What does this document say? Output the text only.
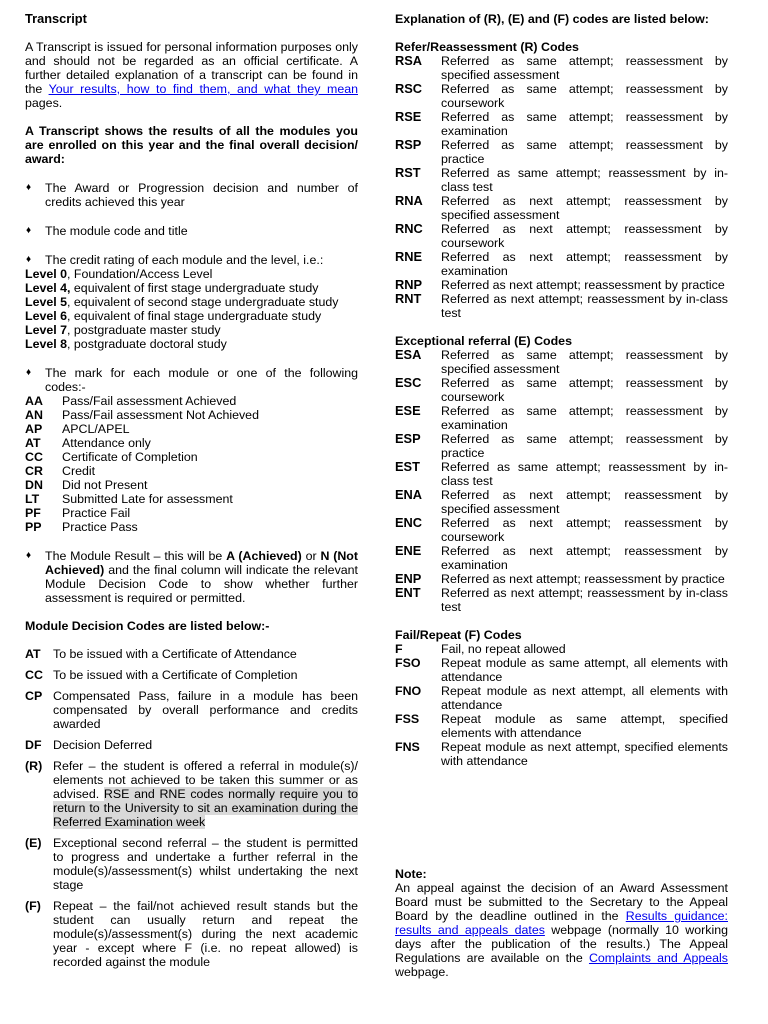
Transcript

A Transcript is issued for personal information purposes only and should not be regarded as an official certificate. A further detailed explanation of a transcript can be found in the Your results, how to find them, and what they mean pages.

A Transcript shows the results of all the modules you are enrolled on this year and the final overall decision/ award:

♦	The Award or Progression decision and number of credits achieved this year
♦	The module code and title
♦	The credit rating of each module and the level, i.e.:

Level 0, Foundation/Access Level

Level 4, equivalent of first stage undergraduate study

Level 5, equivalent of second stage undergraduate study

Level 6, equivalent of final stage undergraduate study

Level 7, postgraduate master study

Level 8, postgraduate doctoral study

♦	The mark for each module or one of the following codes:-
AA	Pass/Fail assessment Achieved
AN	Pass/Fail assessment Not Achieved
AP	APCL/APEL
AT	Attendance only
CC	Certificate of Completion
CR	Credit
DN	Did not Present
LT	Submitted Late for assessment
PF	Practice Fail
PP	Practice Pass
♦	The Module Result – this will be A (Achieved) or N (Not Achieved) and the final column will indicate the relevant Module Decision Code to show whether further assessment is required or permitted.

Module Decision Codes are listed below:-

AT To be issued with a Certificate of Attendance
CC To be issued with a Certificate of Completion
CP Compensated Pass, failure in a module has been compensated by overall performance and credits awarded
DF Decision Deferred
(R) Refer – the student is offered a referral in module(s)/ elements not achieved to be taken this summer or as advised. RSE and RNE codes normally require you to return to the University to sit an examination during the Referred Examination week
(E) Exceptional second referral – the student is permitted to progress and undertake a further referral in the module(s)/assessment(s) whilst undertaking the next stage
(F) Repeat – the fail/not achieved result stands but the student can usually return and repeat the module(s)/assessment(s) during the next academic year - except where F (i.e. no repeat allowed) is recorded against the module

Explanation of (R), (E) and (F) codes are listed below:

Refer/Reassessment (R) Codes

RSA	Referred as same attempt; reassessment by specified assessment
RSC	Referred as same attempt; reassessment by coursework
RSE	Referred as same attempt; reassessment by examination
RSP	Referred as same attempt; reassessment by practice
RST	Referred as same attempt; reassessment by in-class test
RNA	Referred as next attempt; reassessment by specified assessment
RNC	Referred as next attempt; reassessment by coursework
RNE	Referred as next attempt; reassessment by examination
RNP	Referred as next attempt; reassessment by practice
RNT	Referred as next attempt; reassessment by in-class test

Exceptional referral (E) Codes

ESA	Referred as same attempt; reassessment by specified assessment
ESC	Referred as same attempt; reassessment by coursework
ESE	Referred as same attempt; reassessment by examination
ESP	Referred as same attempt; reassessment by practice
EST	Referred as same attempt; reassessment by in-class test
ENA	Referred as next attempt; reassessment by specified assessment
ENC	Referred as next attempt; reassessment by coursework
ENE	Referred as next attempt; reassessment by examination
ENP	Referred as next attempt; reassessment by practice
ENT	Referred as next attempt; reassessment by in-class test

Fail/Repeat (F) Codes

F	Fail, no repeat allowed
FSO	Repeat module as same attempt, all elements with attendance
FNO	Repeat module as next attempt, all elements with attendance
FSS	Repeat module as same attempt, specified elements with attendance
FNS	Repeat module as next attempt, specified elements with attendance

Note:

An appeal against the decision of an Award Assessment Board must be submitted to the Secretary to the Appeal Board by the deadline outlined in the Results guidance: results and appeals dates webpage (normally 10 working days after the publication of the results.) The Appeal Regulations are available on the Complaints and Appeals webpage.
